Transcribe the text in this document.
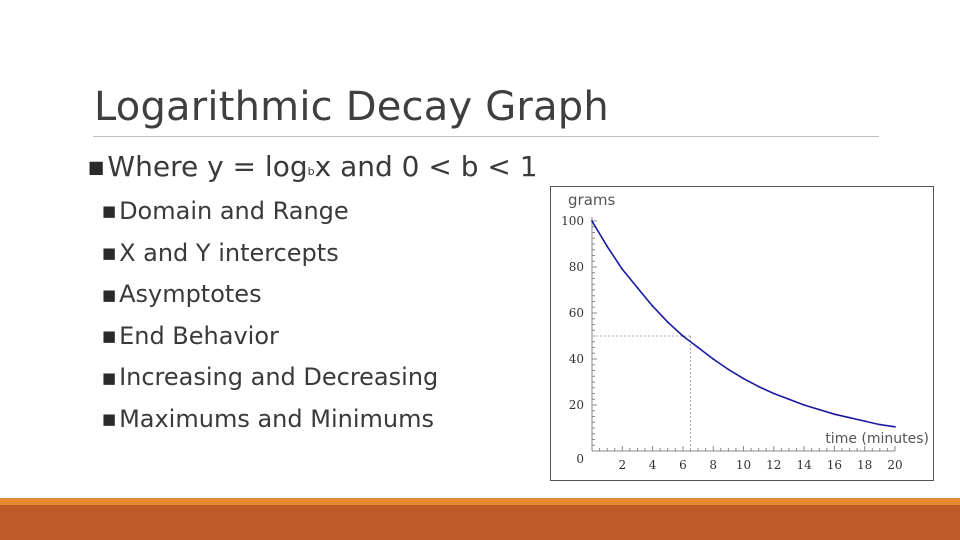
Logarithmic Decay Graph
■ Where $y = \log_bx$ and 0 < b < 1
■ Domain and Range
■ X and Y intercepts
■ Asymptotes
■ End Behavior
■ Increasing and Decreasing
■ Maximums and Minimums
2 4 6 8 10 12 14 16 18 20
0
20
40
60
80
100
grams
time (minutes)
